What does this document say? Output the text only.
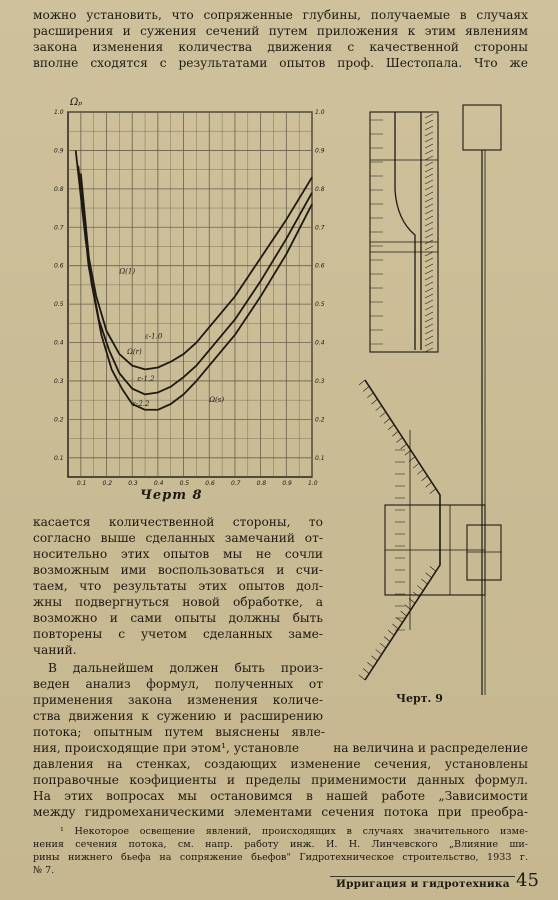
можно установить, что сопряженные глубины, получаемые в случаях
расширения и сужения сечений путем приложения к этим явлениям
закона изменения количества движения с качественной стороны
вполне сходятся с результатами опытов проф. Шестопала. Что же
0.1	0.2	0.3	0.4	0.5	0.6	0.7	0.8	0.9	1.0
0.1	0.1
0.2	0.2
0.3	0.3
0.4	0.4
0.5	0.5
0.6	0.6
0.7	0.7
0.8	0.8
0.9	0.9
1.0	1.0
Ωₚ
Ω(1)
Ω(r)
Ω(s)
ε-1.0
ε-1.2
ε-2.2
Черт 8
Черт. 9
касается количественной стороны, то
согласно выше сделанных замечаний от-
носительно этих опытов мы не сочли
возможным ими воспользоваться и счи-
таем, что результаты этих опытов дол-
жны подвергнуться новой обработке, а
возможно и сами опыты должны быть
повторены с учетом сделанных заме-
чаний.
В дальнейшем должен быть произ-
веден анализ формул, полученных от
применения закона изменения количе-
ства движения к сужению и расширению
потока; опытным путем выяснены явле-
ния, происходящие при этом¹, установле	на величина и распределение
давления на стенках, создающих изменение сечения, установлены
поправочные коэфициенты и пределы применимости данных формул.
На этих вопросах мы остановимся в нашей работе „Зависимости
между гидромеханическими элементами сечения потока при преобра-
¹ Некоторое освещение явлений, происходящих в случаях значительного изме-
нения сечения потока, см. напр. работу инж. И. Н. Линчевского „Влияние ши-
рины нижнего бьефа на сопряжение бьефов" Гидротехническое строительство, 1933 г.
№ 7.
Ирригация и гидротехника 45
